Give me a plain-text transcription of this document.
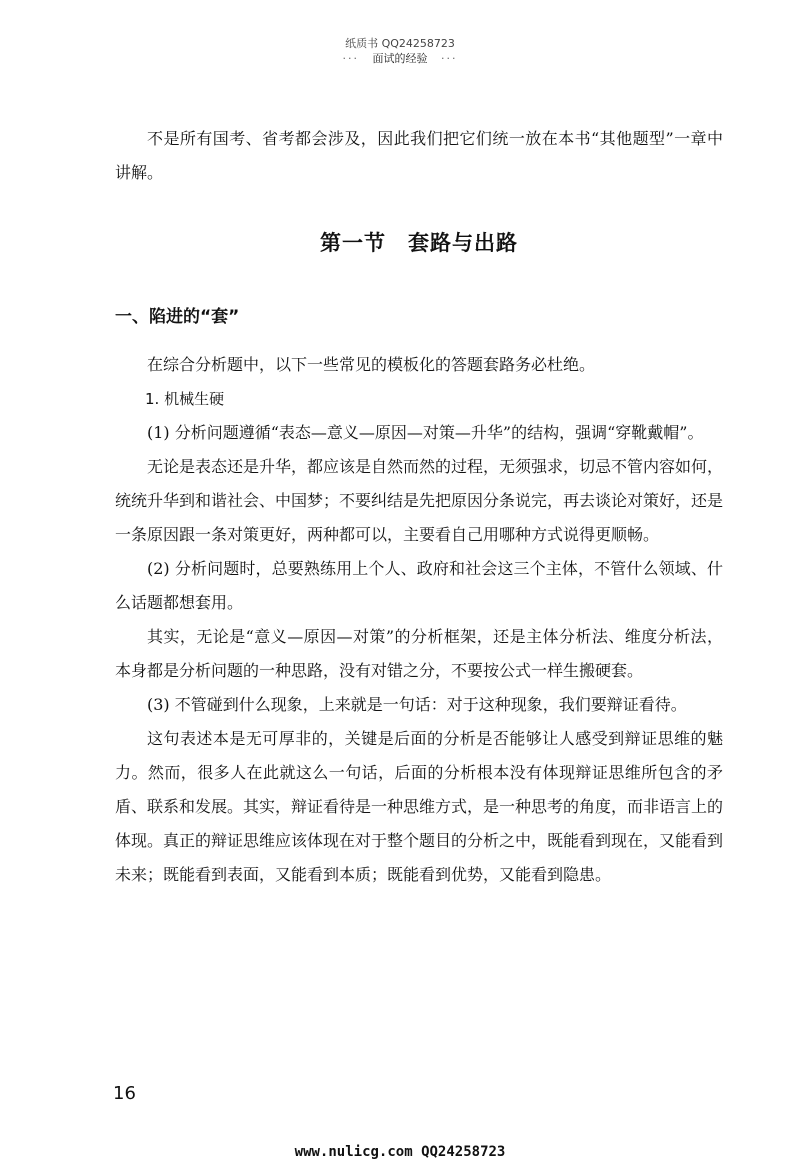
纸质书 QQ24258723
··· 面试的经验 ···

不是所有国考、省考都会涉及，因此我们把它们统一放在本书“其他题型”一章中讲解。

第一节 套路与出路
一、陷进的“套”

在综合分析题中，以下一些常见的模板化的答题套路务必杜绝。

1. 机械生硬

(1) 分析问题遵循“表态—意义—原因—对策—升华”的结构，强调“穿靴戴帽”。

无论是表态还是升华，都应该是自然而然的过程，无须强求，切忌不管内容如何，统统升华到和谐社会、中国梦；不要纠结是先把原因分条说完，再去谈论对策好，还是一条原因跟一条对策更好，两种都可以，主要看自己用哪种方式说得更顺畅。

(2) 分析问题时，总要熟练用上个人、政府和社会这三个主体，不管什么领域、什么话题都想套用。

其实，无论是“意义—原因—对策”的分析框架，还是主体分析法、维度分析法，本身都是分析问题的一种思路，没有对错之分，不要按公式一样生搬硬套。

(3) 不管碰到什么现象，上来就是一句话：对于这种现象，我们要辩证看待。

这句表述本是无可厚非的，关键是后面的分析是否能够让人感受到辩证思维的魅力。然而，很多人在此就这么一句话，后面的分析根本没有体现辩证思维所包含的矛盾、联系和发展。其实，辩证看待是一种思维方式，是一种思考的角度，而非语言上的体现。真正的辩证思维应该体现在对于整个题目的分析之中，既能看到现在，又能看到未来；既能看到表面，又能看到本质；既能看到优势，又能看到隐患。

16
www.nulicg.com QQ24258723
